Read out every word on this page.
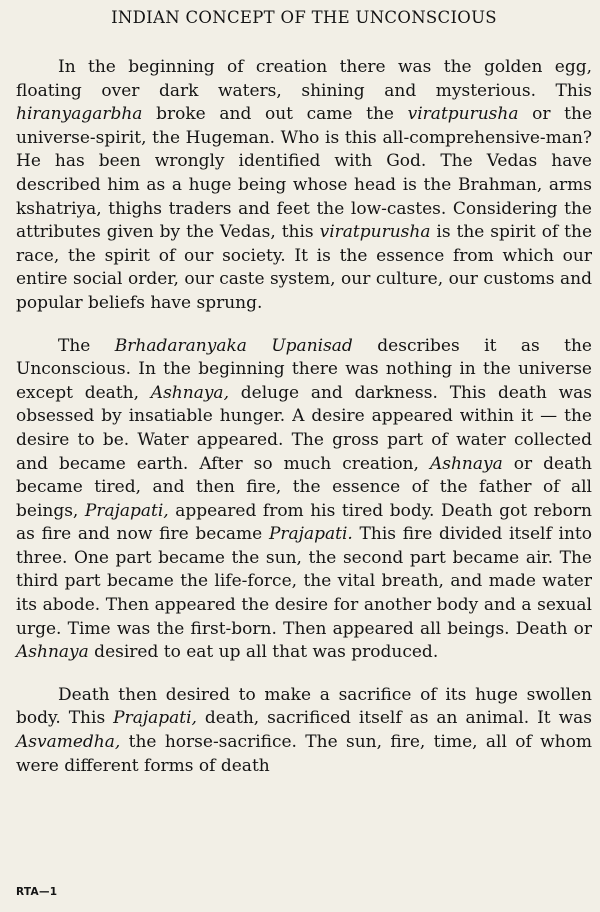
INDIAN CONCEPT OF THE UNCONSCIOUS

In the beginning of creation there was the golden egg, floating over dark waters, shining and mysterious. This hiranyagarbha broke and out came the viratpurusha or the universe-spirit, the Hugeman. Who is this all-comprehensive-man? He has been wrongly identified with God. The Vedas have described him as a huge being whose head is the Brahman, arms kshatriya, thighs traders and feet the low-castes. Considering the attributes given by the Vedas, this viratpurusha is the spirit of the race, the spirit of our society. It is the essence from which our entire social order, our caste system, our culture, our customs and popular beliefs have sprung.

The Brhadaranyaka Upanisad describes it as the Unconscious. In the beginning there was nothing in the universe except death, Ashnaya, deluge and darkness. This death was obsessed by insatiable hunger. A desire appeared within it — the desire to be. Water appeared. The gross part of water collected and became earth. After so much creation, Ashnaya or death became tired, and then fire, the essence of the father of all beings, Prajapati, appeared from his tired body. Death got reborn as fire and now fire became Prajapati. This fire divided itself into three. One part became the sun, the second part became air. The third part became the life-force, the vital breath, and made water its abode. Then appeared the desire for another body and a sexual urge. Time was the first-born. Then appeared all beings. Death or Ashnaya desired to eat up all that was produced.

Death then desired to make a sacrifice of its huge swollen body. This Prajapati, death, sacrificed itself as an animal. It was Asvamedha, the horse-sacrifice. The sun, fire, time, all of whom were different forms of death

RTA—1
